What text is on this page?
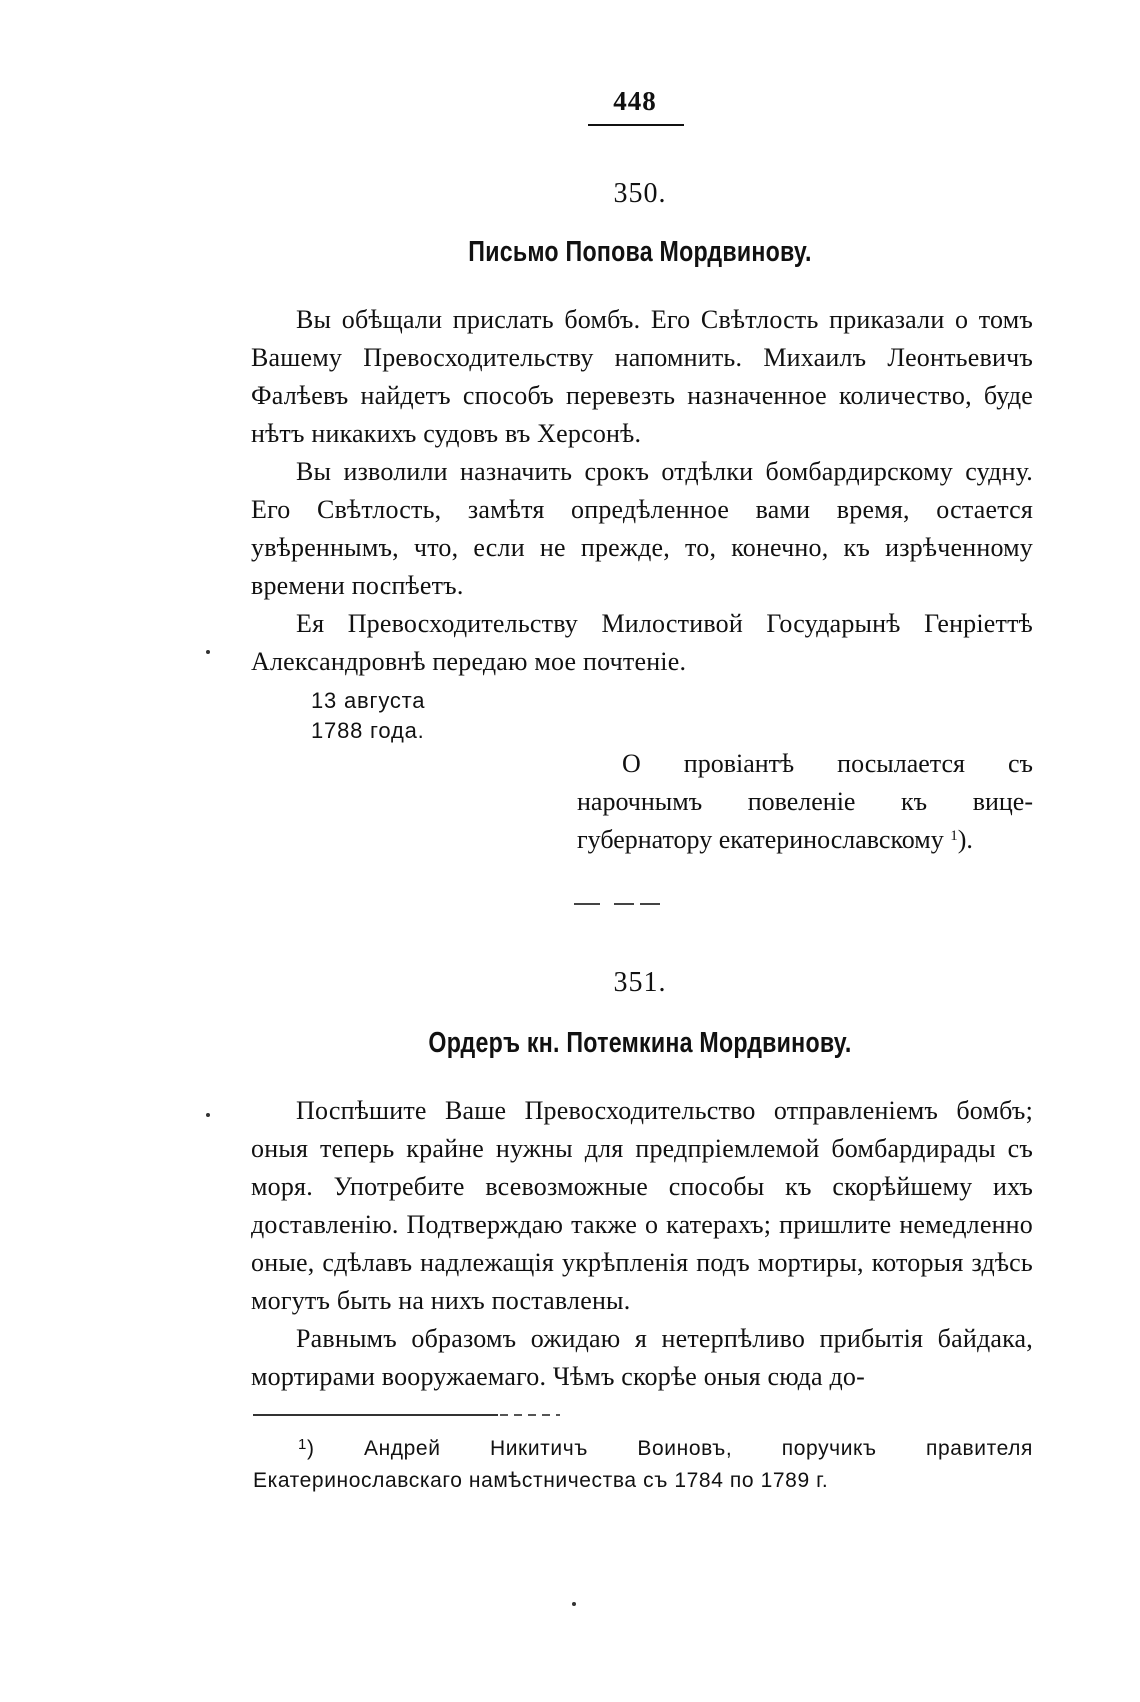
448
350.
Письмо Попова Мордвинову.
Вы обѣщали прислать бомбъ. Его Свѣтлость приказали о томъ Вашему Превосходительству напомнить. Михаилъ Леонтьевичъ Фалѣевъ найдетъ способъ перевезть назначенное количество, буде нѣтъ никакихъ судовъ въ Херсонѣ.
Вы изволили назначить срокъ отдѣлки бомбардирскому судну. Его Свѣтлость, замѣтя опредѣленное вами время, остается увѣреннымъ, что, если не прежде, то, конечно, къ изрѣченному времени поспѣетъ.
Ея Превосходительству Милостивой Государынѣ Генріеттѣ Александровнѣ передаю мое почтеніе.
13 августа
1788 года.
О провіантѣ посылается съ нарочнымъ повеленіе къ вице-губернатору екатеринославскому $^1$).
351.
Ордеръ кн. Потемкина Мордвинову.
Поспѣшите Ваше Превосходительство отправленіемъ бомбъ; оныя теперь крайне нужны для предпріемлемой бомбардирады съ моря. Употребите всевозможные способы къ скорѣйшему ихъ доставленію. Подтверждаю также о катерахъ; пришлите немедленно оные, сдѣлавъ надлежащія укрѣпленія подъ мортиры, которыя здѣсь могутъ быть на нихъ поставлены.
Равнымъ образомъ ожидаю я нетерпѣливо прибытія байдака, мортирами вооружаемаго. Чѣмъ скорѣе оныя сюда до-
$^1$) Андрей Никитичъ Воиновъ, поручикъ правителя Екатеринославскаго намѣстничества съ 1784 по 1789 г.
